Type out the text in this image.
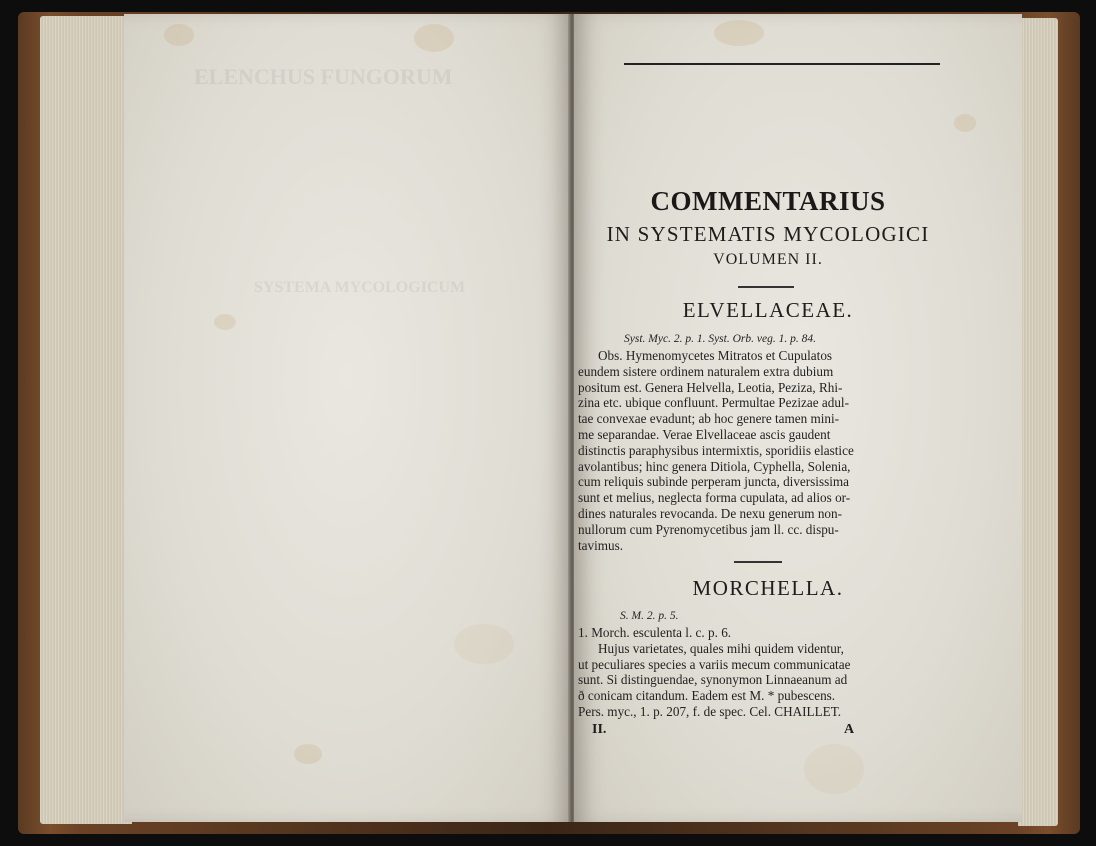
ELENCHUS FUNGORUM
SYSTEMA MYCOLOGICUM
COMMENTARIUS
IN SYSTEMATIS MYCOLOGICI
VOLUMEN II.
ELVELLACEAE.
Syst. Myc. 2. p. 1. Syst. Orb. veg. 1. p. 84.
Obs. Hymenomycetes Mitratos et Cupulatos
eundem sistere ordinem naturalem extra dubium
positum est. Genera Helvella, Leotia, Peziza, Rhi-
zina etc. ubique confluunt. Permultae Pezizae adul-
tae convexae evadunt; ab hoc genere tamen mini-
me separandae. Verae Elvellaceae ascis gaudent
distinctis paraphysibus intermixtis, sporidiis elastice
avolantibus; hinc genera Ditiola, Cyphella, Solenia,
cum reliquis subinde perperam juncta, diversissima
sunt et melius, neglecta forma cupulata, ad alios or-
dines naturales revocanda. De nexu generum non-
nullorum cum Pyrenomycetibus jam ll. cc. dispu-
tavimus.
MORCHELLA.
S. M. 2. p. 5.
1. Morch. esculenta l. c. p. 6.
Hujus varietates, quales mihi quidem videntur,
ut peculiares species a variis mecum communicatae
sunt. Si distinguendae, synonymon Linnaeanum ad
ð conicam citandum. Eadem est M. * pubescens.
Pers. myc., 1. p. 207, f. de spec. Cel. CHAILLET.
II.	A
